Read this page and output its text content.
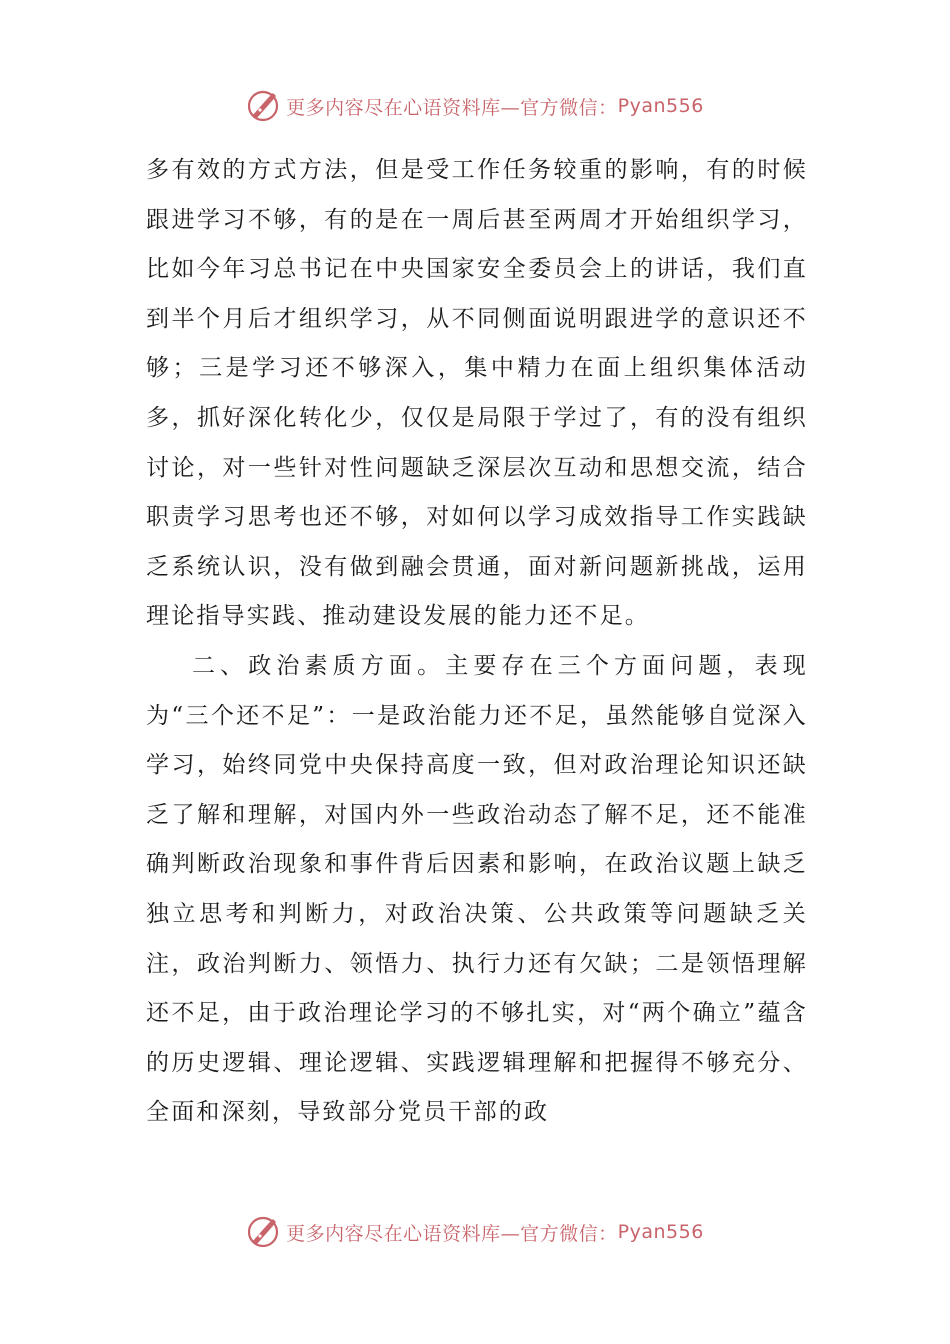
更多内容尽在心语资料库—官方微信： Pyan556

多有效的方式方法，但是受工作任务较重的影响，有的时候跟进学习不够，有的是在一周后甚至两周才开始组织学习，比如今年习总书记在中央国家安全委员会上的讲话，我们直到半个月后才组织学习，从不同侧面说明跟进学的意识还不够；三是学习还不够深入，集中精力在面上组织集体活动多，抓好深化转化少，仅仅是局限于学过了，有的没有组织讨论，对一些针对性问题缺乏深层次互动和思想交流，结合职责学习思考也还不够，对如何以学习成效指导工作实践缺乏系统认识，没有做到融会贯通，面对新问题新挑战，运用理论指导实践、推动建设发展的能力还不足。

二、政治素质方面。主要存在三个方面问题，表现为“三个还不足”：一是政治能力还不足，虽然能够自觉深入学习，始终同党中央保持高度一致，但对政治理论知识还缺乏了解和理解，对国内外一些政治动态了解不足，还不能准确判断政治现象和事件背后因素和影响，在政治议题上缺乏独立思考和判断力，对政治决策、公共政策等问题缺乏关注，政治判断力、领悟力、执行力还有欠缺；二是领悟理解还不足，由于政治理论学习的不够扎实，对“两个确立”蕴含的历史逻辑、理论逻辑、实践逻辑理解和把握得不够充分、全面和深刻，导致部分党员干部的政

更多内容尽在心语资料库—官方微信： Pyan556
